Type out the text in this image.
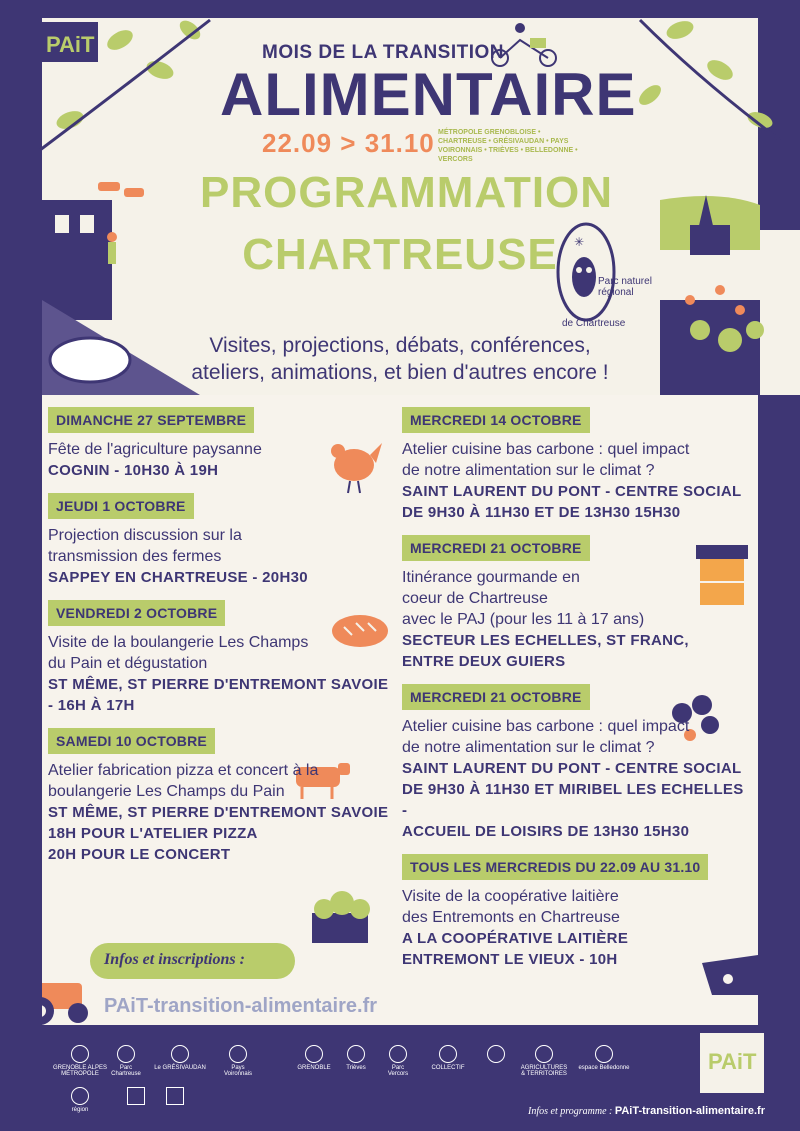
PAiT	MOIS DE LA TRANSITION
ALIMENTAIRE
22.09 > 31.10 MÉTROPOLE GRENOBLOISE • CHARTREUSE • GRÉSIVAUDAN • PAYS VOIRONNAIS • TRIÈVES • BELLEDONNE • VERCORS
PROGRAMMATION
CHARTREUSE	✳
Parc naturel régional
de Chartreuse
Visites, projections, débats, conférences,
ateliers, animations, et bien d'autres encore !
DIMANCHE 27 SEPTEMBRE
Fête de l'agriculture paysanne
COGNIN - 10H30 À 19H
JEUDI 1 OCTOBRE
Projection discussion sur la
transmission des fermes
SAPPEY EN CHARTREUSE - 20H30
VENDREDI 2 OCTOBRE
Visite de la boulangerie Les Champs
du Pain et dégustation
ST MÊME, ST PIERRE D'ENTREMONT SAVOIE
- 16H À 17H
SAMEDI 10 OCTOBRE
Atelier fabrication pizza et concert à la
boulangerie Les Champs du Pain
ST MÊME, ST PIERRE D'ENTREMONT SAVOIE
18H POUR L'ATELIER PIZZA
20H POUR LE CONCERT
MERCREDI 14 OCTOBRE
Atelier cuisine bas carbone : quel impact
de notre alimentation sur le climat ?
SAINT LAURENT DU PONT - CENTRE SOCIAL
DE 9H30 À 11H30 ET DE 13H30 15H30
MERCREDI 21 OCTOBRE
Itinérance gourmande en
coeur de Chartreuse
avec le PAJ (pour les 11 à 17 ans)
SECTEUR LES ECHELLES, ST FRANC,
ENTRE DEUX GUIERS
MERCREDI 21 OCTOBRE
Atelier cuisine bas carbone : quel impact
de notre alimentation sur le climat ?
SAINT LAURENT DU PONT - CENTRE SOCIAL
DE 9H30 À 11H30 ET MIRIBEL LES ECHELLES -
ACCUEIL DE LOISIRS DE 13H30 15H30
TOUS LES MERCREDIS DU 22.09 AU 31.10
Visite de la coopérative laitière
des Entremonts en Chartreuse
A LA COOPÉRATIVE LAITIÈRE
ENTREMONT LE VIEUX - 10H
Infos et inscriptions :
PAiT-transition-alimentaire.fr
GRENOBLE ALPES MÉTROPOLE
Parc Chartreuse
Le GRÉSIVAUDAN	Pays Voironnais
GRENOBLE	Trièves	Parc Vercors
COLLECTIF	AGRICULTURES & TERRITOIRES
espace Belledonne
région
PAiT
Infos et programme : PAiT-transition-alimentaire.fr
